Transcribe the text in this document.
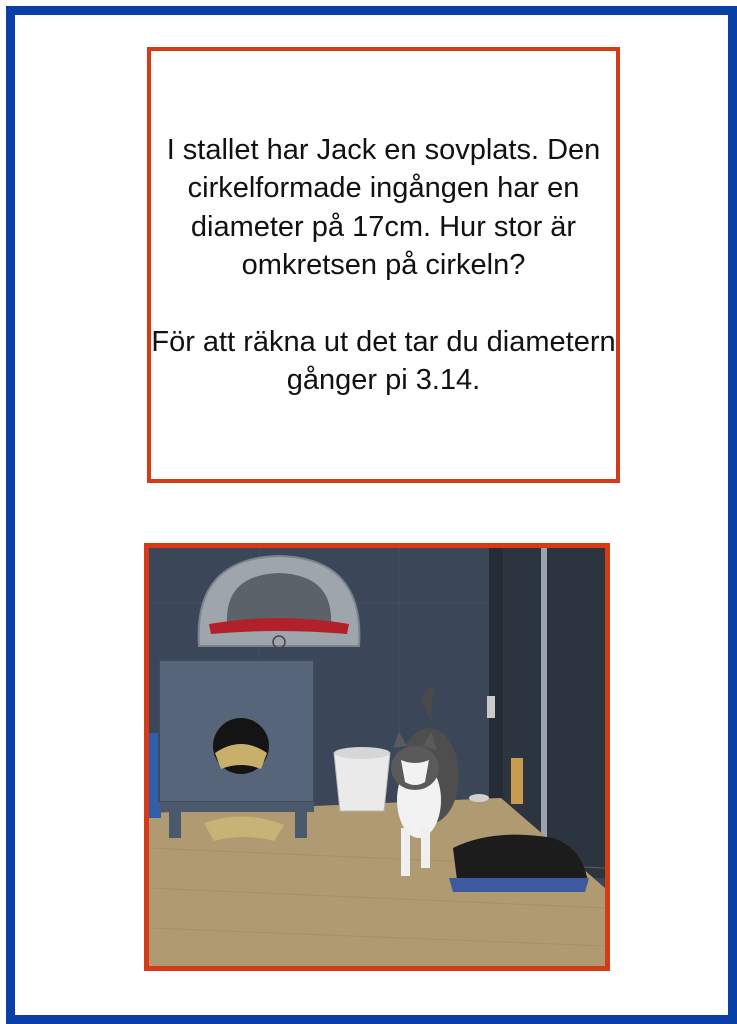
I stallet har Jack en sovplats. Den cirkelformade ingången har en diameter på 17cm. Hur stor är omkretsen på cirkeln?

För att räkna ut det tar du diametern gånger pi 3.14.
